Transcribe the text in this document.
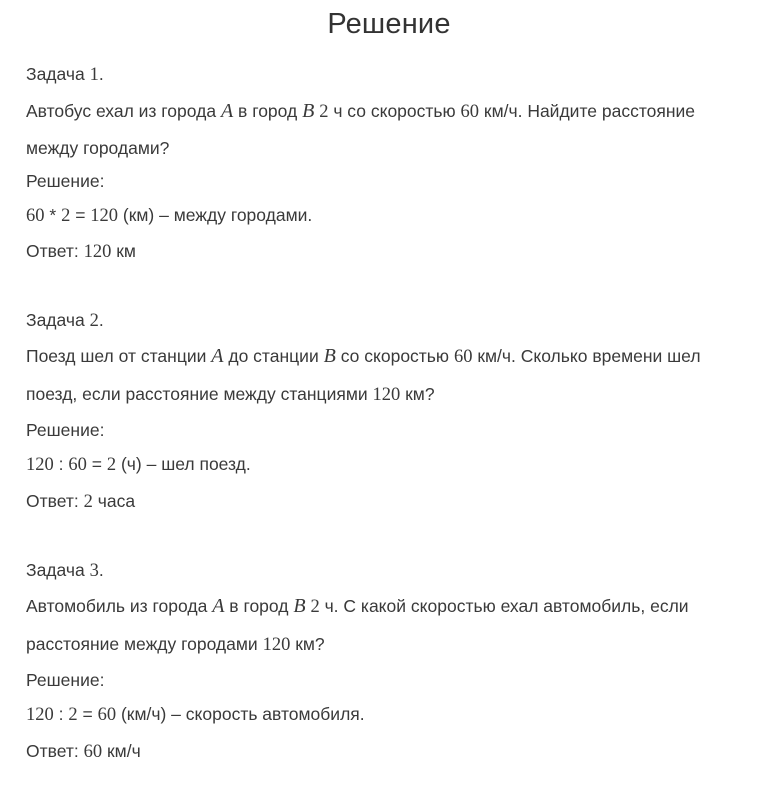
Решение
Задача 1.
Автобус ехал из города A в город B 2 ч со скоростью 60 км/ч. Найдите расстояние
между городами?
Решение:
60 * 2 = 120 (км) – между городами.
Ответ: 120 км
Задача 2.
Поезд шел от станции A до станции B со скоростью 60 км/ч. Сколько времени шел
поезд, если расстояние между станциями 120 км?
Решение:
120 : 60 = 2 (ч) – шел поезд.
Ответ: 2 часа
Задача 3.
Автомобиль из города A в город B 2 ч. С какой скоростью ехал автомобиль, если
расстояние между городами 120 км?
Решение:
120 : 2 = 60 (км/ч) – скорость автомобиля.
Ответ: 60 км/ч
